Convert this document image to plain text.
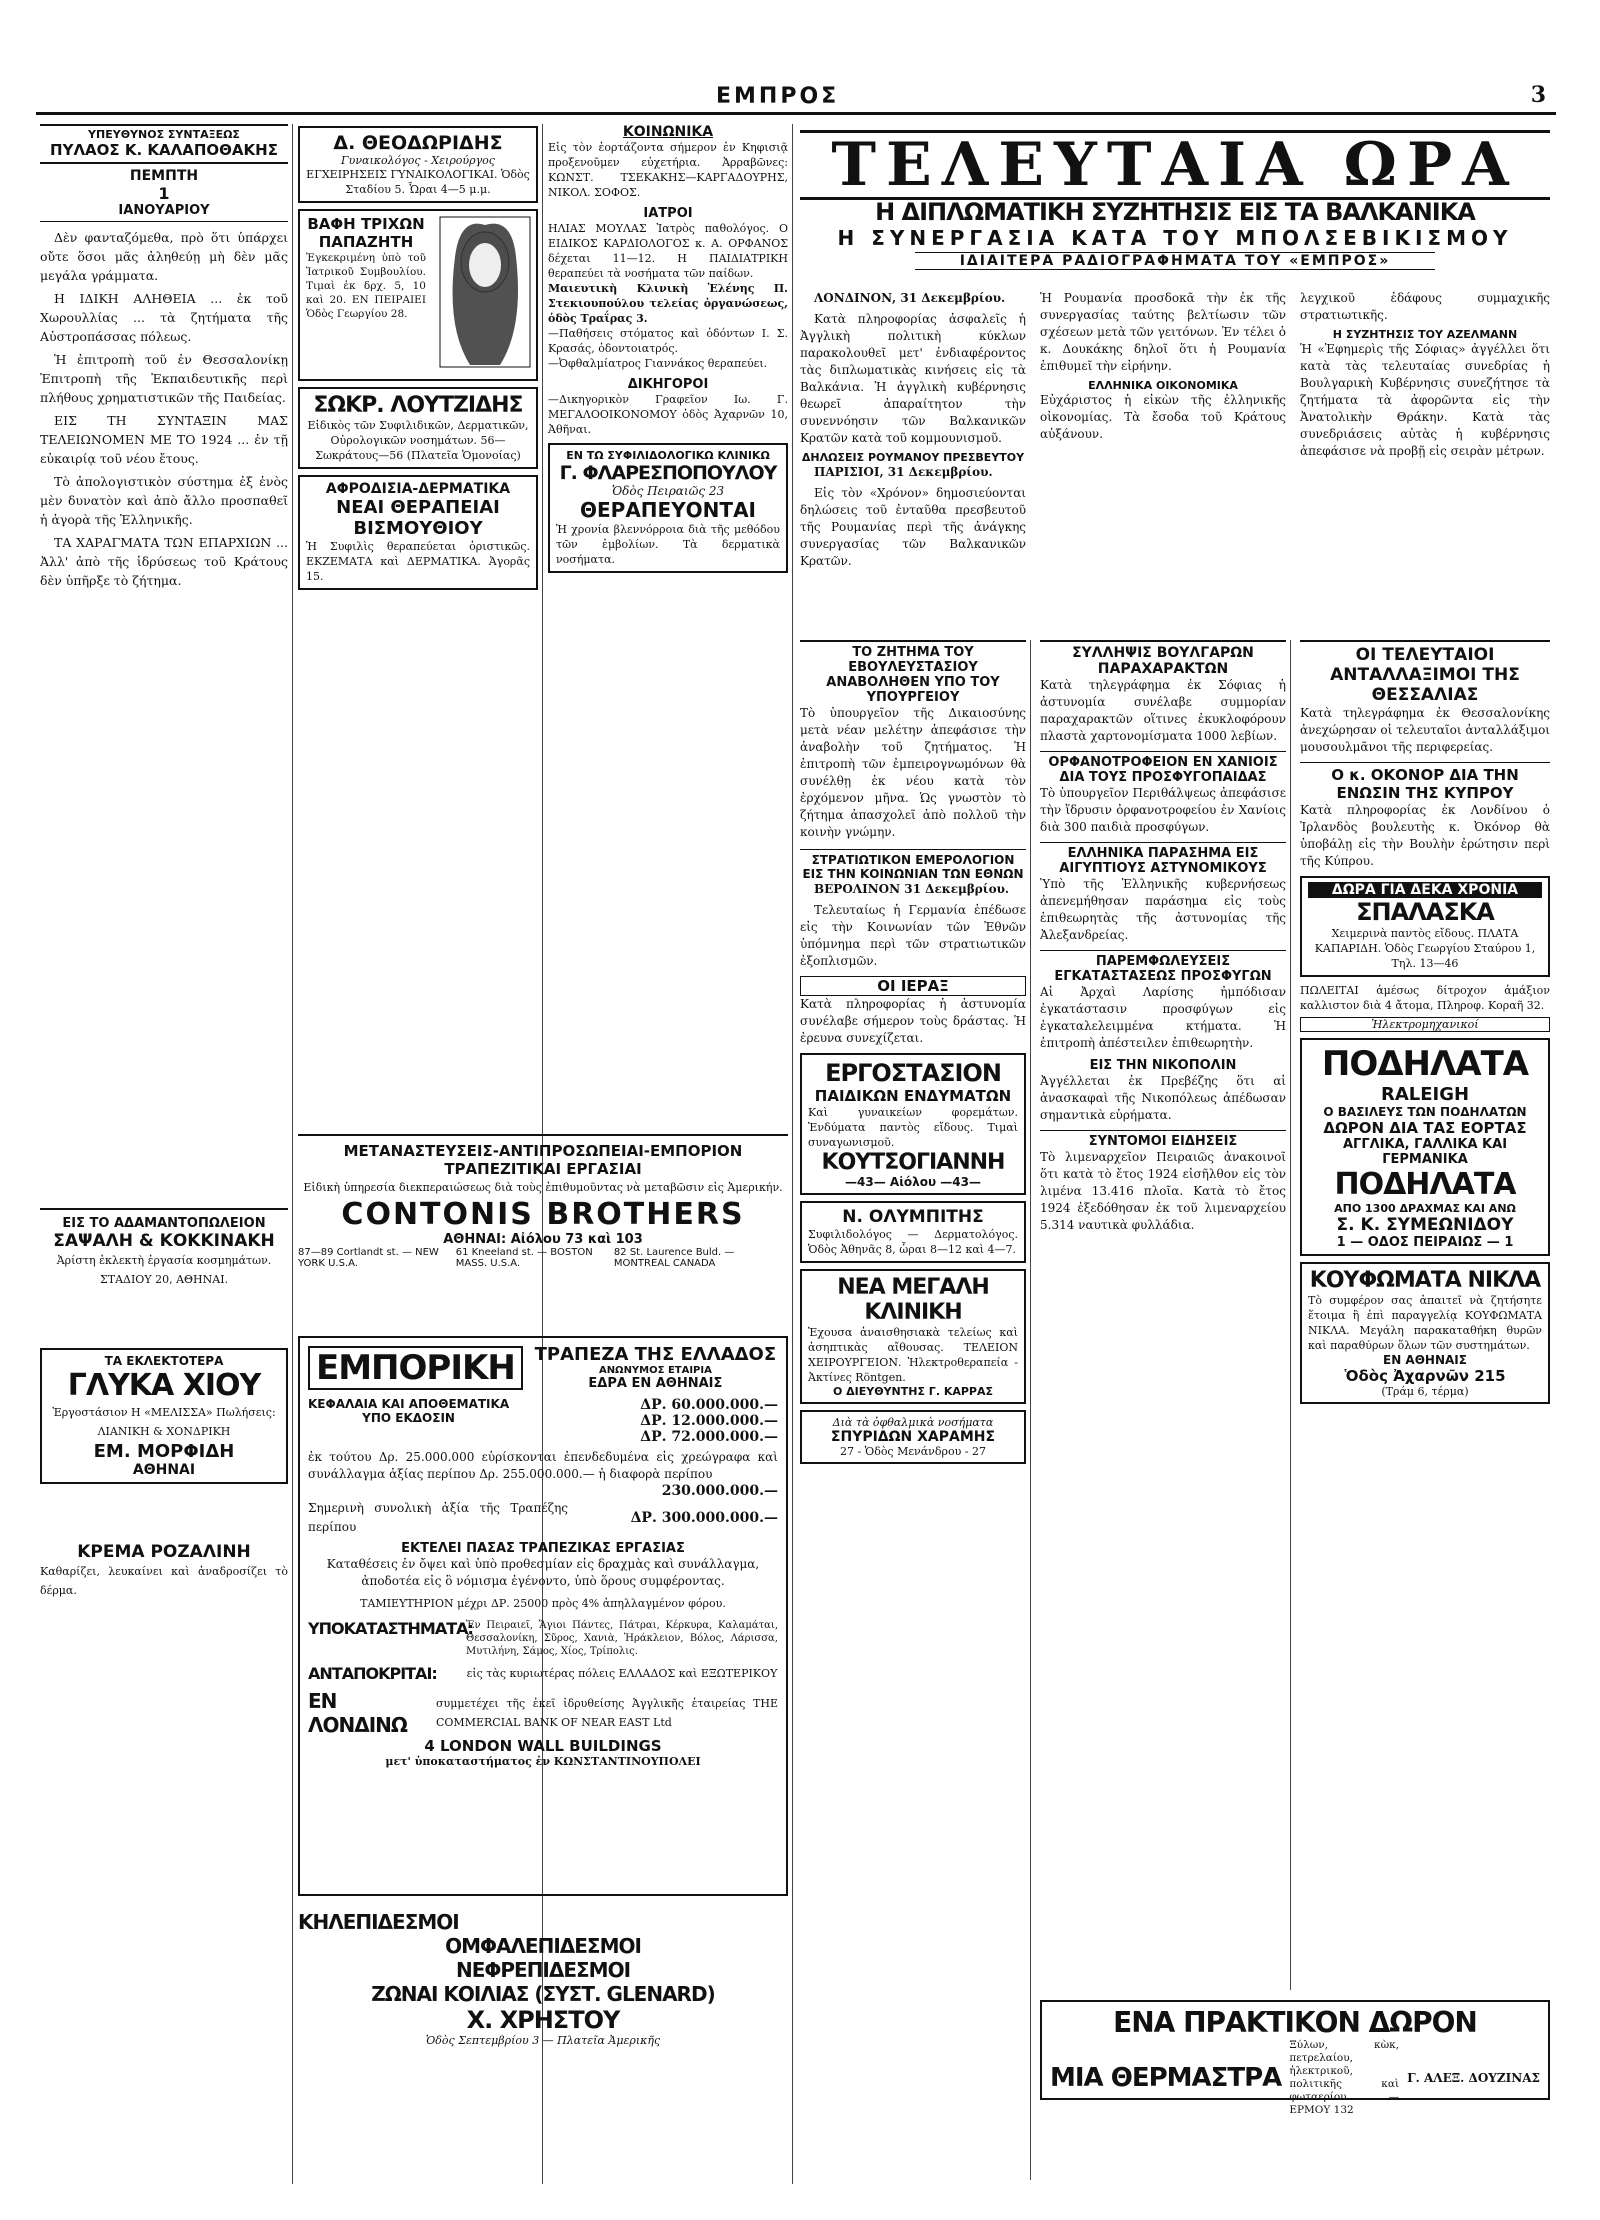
ΕΜΠΡΟΣ	3
ΥΠΕΥΘΥΝΟΣ ΣΥΝΤΑΞΕΩΣ
ΠΥΛΑΟΣ Κ. ΚΑΛΑΠΟΘΑΚΗΣ
ΠΕΜΠΤΗ
1
ΙΑΝΟΥΑΡΙΟΥ

Δὲν φανταζόμεθα, πρὸ ὅτι ὑπάρχει οὔτε ὅσοι μᾶς ἀληθεύῃ μὴ δὲν μᾶς μεγάλα γράμματα.

Η ΙΔΙΚΗ ΑΛΗΘΕΙΑ ... ἐκ τοῦ Χωρουλλίας ... τὰ ζητήματα τῆς Αὐστροπάσσας πόλεως.

Ἡ ἐπιτροπὴ τοῦ ἐν Θεσσαλονίκῃ Ἐπιτροπὴ τῆς Ἐκπαιδευτικῆς περὶ πλήθους χρηματιστικῶν τῆς Παιδείας.

ΕΙΣ ΤΗ ΣΥΝΤΑΞΙΝ ΜΑΣ ΤΕΛΕΙΩΝΟΜΕΝ ΜΕ ΤΟ 1924 ... ἐν τῇ εὐκαιρίᾳ τοῦ νέου ἔτους.

Τὸ ἀπολογιστικὸν σύστημα ἐξ ἐνὸς μὲν δυνατὸν καὶ ἀπὸ ἄλλο προσπαθεῖ ἡ ἀγορὰ τῆς Ἑλληνικῆς.

ΤΑ ΧΑΡΑΓΜΑΤΑ ΤΩΝ ΕΠΑΡΧΙΩΝ ... Ἀλλ' ἀπὸ τῆς ἱδρύσεως τοῦ Κράτους δὲν ὑπῆρξε τὸ ζήτημα.

ΕΙΣ ΤΟ ΑΔΑΜΑΝΤΟΠΩΛΕΙΟΝ
ΣΑΨΑΛΗ & ΚΟΚΚΙΝΑΚΗ
Ἀρίστη ἐκλεκτὴ ἐργασία κοσμημάτων. ΣΤΑΔΙΟΥ 20, ΑΘΗΝΑΙ.
ΤΑ ΕΚΛΕΚΤΟΤΕΡΑ
ΓΛΥΚΑ ΧΙΟΥ
Ἐργοστάσιον Η «ΜΕΛΙΣΣΑ» Πωλήσεις: ΛΙΑΝΙΚΗ & ΧΟΝΔΡΙΚΗ
ΕΜ. ΜΟΡΦΙΔΗ
ΑΘΗΝΑΙ
ΚΡΕΜΑ ΡΟΖΑΛΙΝΗ
Καθαρίζει, λευκαίνει καὶ ἀναδροσίζει τὸ δέρμα.
Δ. ΘΕΟΔΩΡΙΔΗΣ
Γυναικολόγος - Χειρούργος
ΕΓΧΕΙΡΗΣΕΙΣ ΓΥΝΑΙΚΟΛΟΓΙΚΑΙ. Ὁδὸς Σταδίου 5. Ὧραι 4—5 μ.μ.
ΒΑΦΗ ΤΡΙΧΩΝ ΠΑΠΑΖΗΤΗ
Ἐγκεκριμένη ὑπὸ τοῦ Ἰατρικοῦ Συμβουλίου. Τιμαὶ ἐκ δρχ. 5, 10 καὶ 20. ΕΝ ΠΕΙΡΑΙΕΙ Ὁδὸς Γεωργίου 28.
ΣΩΚΡ. ΛΟΥΤΖΙΔΗΣ
Εἰδικὸς τῶν Συφιλιδικῶν, Δερματικῶν, Οὐρολογικῶν νοσημάτων. 56—Σωκράτους—56 (Πλατεῖα Ὁμονοίας)
ΑΦΡΟΔΙΣΙΑ-ΔΕΡΜΑΤΙΚΑ
ΝΕΑΙ ΘΕΡΑΠΕΙΑΙ
ΒΙΣΜΟΥΘΙΟΥ
Ἡ Συφιλὶς θεραπεύεται ὁριστικῶς. ΕΚΖΕΜΑΤΑ καὶ ΔΕΡΜΑΤΙΚΑ. Ἀγορᾶς 15.
ΚΟΙΝΩΝΙΚΑ
Εἰς τὸν ἑορτάζοντα σήμερον ἐν Κηφισιᾷ προξενοῦμεν εὐχετήρια. Ἀρραβῶνες: ΚΩΝΣΤ. ΤΣΕΚΑΚΗΣ—ΚΑΡΓΑΔΟΥΡΗΣ, ΝΙΚΟΛ. ΣΟΦΟΣ.
ΙΑΤΡΟΙ
ΗΛΙΑΣ ΜΟΥΛΑΣ Ἰατρὸς παθολόγος. Ο ΕΙΔΙΚΟΣ ΚΑΡΔΙΟΛΟΓΟΣ κ. Α. ΟΡΦΑΝΟΣ δέχεται 11—12. Η ΠΑΙΔΙΑΤΡΙΚΗ θεραπεύει τὰ νοσήματα τῶν παίδων.
Μαιευτικὴ Κλινικὴ Ἑλένης Π. Στεκιουπούλου τελείας ὀργανώσεως, ὁδὸς Τραΐρας 3.
—Παθήσεις στόματος καὶ ὀδόντων Ι. Σ. Κρασάς, ὀδοντοιατρός.
—Ὀφθαλμίατρος Γιαννάκος θεραπεύει.
ΔΙΚΗΓΟΡΟΙ
—Δικηγορικὸν Γραφεῖον Ιω. Γ. ΜΕΓΑΛΟΟΙΚΟΝΟΜΟΥ ὁδὸς Ἀχαρνῶν 10, Ἀθῆναι.
ΕΝ ΤΩ ΣΥΦΙΛΙΔΟΛΟΓΙΚΩ ΚΛΙΝΙΚΩ
Γ. ΦΛΑΡΕΣΠΟΠΟΥΛΟΥ
Ὁδὸς Πειραιῶς 23
ΘΕΡΑΠΕΥΟΝΤΑΙ
Ἡ χρονία βλεννόρροια διὰ τῆς μεθόδου τῶν ἐμβολίων. Τὰ δερματικὰ νοσήματα.
ΜΕΤΑΝΑΣΤΕΥΣΕΙΣ-ΑΝΤΙΠΡΟΣΩΠΕΙΑΙ-ΕΜΠΟΡΙΟΝ
ΤΡΑΠΕΖΙΤΙΚΑΙ ΕΡΓΑΣΙΑΙ
Εἰδικὴ ὑπηρεσία διεκπεραιώσεως διὰ τοὺς ἐπιθυμοῦντας νὰ μεταβῶσιν εἰς Ἀμερικήν.
CONTONIS BROTHERS
ΑΘΗΝΑΙ: Αἰόλου 73 καὶ 103
87—89 Cortlandt st. — NEW YORK U.S.A.
61 Kneeland st. — BOSTON MASS. U.S.A.
82 St. Laurence Buld. — MONTREAL CANADA
ΕΜΠΟΡΙΚΗ	ΤΡΑΠΕΖΑ ΤΗΣ ΕΛΛΑΔΟΣ
ΑΝΩΝΥΜΟΣ ΕΤΑΙΡΙΑ
ΕΔΡΑ ΕΝ ΑΘΗΝΑΙΣ
ΚΕΦΑΛΑΙΑ ΚΑΙ ΑΠΟΘΕΜΑΤΙΚΑ
ΥΠΟ ΕΚΔΟΣΙΝ
ΔΡ. 60.000.000.—
ΔΡ. 12.000.000.—
ΔΡ. 72.000.000.—
ἐκ τούτου Δρ. 25.000.000 εὑρίσκονται ἐπενδεδυμένα εἰς χρεώγραφα καὶ συνάλλαγμα ἀξίας περίπου Δρ. 255.000.000.— ἡ διαφορὰ περίπου
230.000.000.—
Σημερινὴ συνολικὴ ἀξία τῆς Τραπέζης περίπου
ΔΡ. 300.000.000.—
ΕΚΤΕΛΕΙ ΠΑΣΑΣ ΤΡΑΠΕΖΙΚΑΣ ΕΡΓΑΣΙΑΣ
Καταθέσεις ἐν ὄψει καὶ ὑπὸ προθεσμίαν εἰς δραχμὰς καὶ συνάλλαγμα, ἀποδοτέα εἰς ὃ νόμισμα ἐγένοντο, ὑπὸ ὅρους συμφέροντας.
ΤΑΜΙΕΥΤΗΡΙΟΝ μέχρι ΔΡ. 25000 πρὸς 4% ἀπηλλαγμένον φόρου.
ΥΠΟΚΑΤΑΣΤΗΜΑΤΑ:
Ἐν Πειραιεῖ, Ἅγιοι Πάντες, Πάτραι, Κέρκυρα, Καλαμάται, Θεσσαλονίκη, Σῦρος, Χανιὰ, Ἡράκλειον, Βόλος, Λάρισσα, Μυτιλήνη, Σάμος, Χίος, Τρίπολις.
ΑΝΤΑΠΟΚΡΙΤΑΙ:	εἰς τὰς κυριωτέρας πόλεις ΕΛΛΑΔΟΣ καὶ ΕΞΩΤΕΡΙΚΟΥ
ΕΝ ΛΟΝΔΙΝΩ
συμμετέχει τῆς ἐκεῖ ἱδρυθείσης Ἀγγλικῆς ἑταιρείας THE COMMERCIAL BANK OF NEAR EAST Ltd
4 LONDON WALL BUILDINGS
μετ' ὑποκαταστήματος ἐν ΚΩΝΣΤΑΝΤΙΝΟΥΠΟΛΕΙ
ΚΗΛΕΠΙΔΕΣΜΟΙ
ΟΜΦΑΛΕΠΙΔΕΣΜΟΙ
ΝΕΦΡΕΠΙΔΕΣΜΟΙ
ΖΩΝΑΙ ΚΟΙΛΙΑΣ (ΣΥΣΤ. GLENARD)
Χ. ΧΡΗΣΤΟΥ
Ὁδὸς Σεπτεμβρίου 3 — Πλατεῖα Ἀμερικῆς
ΤΕΛΕΥΤΑΙΑ ΩΡΑ
Η ΔΙΠΛΩΜΑΤΙΚΗ ΣΥΖΗΤΗΣΙΣ ΕΙΣ ΤΑ ΒΑΛΚΑΝΙΚΑ
Η ΣΥΝΕΡΓΑΣΙΑ ΚΑΤΑ ΤΟΥ ΜΠΟΛΣΕΒΙΚΙΣΜΟΥ
ΙΔΙΑΙΤΕΡΑ ΡΑΔΙΟΓΡΑΦΗΜΑΤΑ ΤΟΥ «ΕΜΠΡΟΣ»

ΛΟΝΔΙΝΟΝ, 31 Δεκεμβρίου.

Κατὰ πληροφορίας ἀσφαλεῖς ἡ Ἀγγλικὴ πολιτικὴ κύκλων παρακολουθεῖ μετ' ἐνδιαφέροντος τὰς διπλωματικὰς κινήσεις εἰς τὰ Βαλκάνια. Ἡ ἀγγλικὴ κυβέρνησις θεωρεῖ ἀπαραίτητον τὴν συνεννόησιν τῶν Βαλκανικῶν Κρατῶν κατὰ τοῦ κομμουνισμοῦ.

ΔΗΛΩΣΕΙΣ ΡΟΥΜΑΝΟΥ ΠΡΕΣΒΕΥΤΟΥ

ΠΑΡΙΣΙΟΙ, 31 Δεκεμβρίου.

Εἰς τὸν «Χρόνον» δημοσιεύονται δηλώσεις τοῦ ἐνταῦθα πρεσβευτοῦ τῆς Ρουμανίας περὶ τῆς ἀνάγκης συνεργασίας τῶν Βαλκανικῶν Κρατῶν.

Ἡ Ρουμανία προσδοκᾶ τὴν ἐκ τῆς συνεργασίας ταύτης βελτίωσιν τῶν σχέσεων μετὰ τῶν γειτόνων. Ἐν τέλει ὁ κ. Δουκάκης δηλοῖ ὅτι ἡ Ρουμανία ἐπιθυμεῖ τὴν εἰρήνην.
ΕΛΛΗΝΙΚΑ ΟΙΚΟΝΟΜΙΚΑ
Εὐχάριστος ἡ εἰκὼν τῆς ἐλληνικῆς οἰκονομίας. Τὰ ἔσοδα τοῦ Κράτους αὐξάνουν.
λεγχικοῦ ἐδάφους συμμαχικῆς στρατιωτικῆς.
Η ΣΥΖΗΤΗΣΙΣ ΤΟΥ ΑΖΕΛΜΑΝΝ
Ἡ «Ἐφημερὶς τῆς Σόφιας» ἀγγέλλει ὅτι κατὰ τὰς τελευταίας συνεδρίας ἡ Βουλγαρικὴ Κυβέρνησις συνεζήτησε τὰ ζητήματα τὰ ἀφορῶντα εἰς τὴν Ἀνατολικὴν Θράκην. Κατὰ τὰς συνεδριάσεις αὐτὰς ἡ κυβέρνησις ἀπεφάσισε νὰ προβῇ εἰς σειρὰν μέτρων.
ΤΟ ΖΗΤΗΜΑ ΤΟΥ ΕΒΟΥΛΕΥΣΤΑΣΙΟΥ ΑΝΑΒΟΛΗΘΕΝ ΥΠΟ ΤΟΥ ΥΠΟΥΡΓΕΙΟΥ
Τὸ ὑπουργεῖον τῆς Δικαιοσύνης μετὰ νέαν μελέτην ἀπεφάσισε τὴν ἀναβολὴν τοῦ ζητήματος. Ἡ ἐπιτροπὴ τῶν ἐμπειρογνωμόνων θὰ συνέλθῃ ἐκ νέου κατὰ τὸν ἐρχόμενον μῆνα. Ὡς γνωστὸν τὸ ζήτημα ἀπασχολεῖ ἀπὸ πολλοῦ τὴν κοινὴν γνώμην.
ΣΤΡΑΤΙΩΤΙΚΟΝ ΕΜΕΡΟΛΟΓΙΟΝ ΕΙΣ ΤΗΝ ΚΟΙΝΩΝΙΑΝ ΤΩΝ ΕΘΝΩΝ

ΒΕΡΟΛΙΝΟΝ 31 Δεκεμβρίου.

Τελευταίως ἡ Γερμανία ἐπέδωσε εἰς τὴν Κοινωνίαν τῶν Ἐθνῶν ὑπόμνημα περὶ τῶν στρατιωτικῶν ἐξοπλισμῶν.

ΟΙ ΙΕΡΑΞ
Κατὰ πληροφορίας ἡ ἀστυνομία συνέλαβε σήμερον τοὺς δράστας. Ἡ ἐρευνα συνεχίζεται.
ΕΡΓΟΣΤΑΣΙΟΝ
ΠΑΙΔΙΚΩΝ ΕΝΔΥΜΑΤΩΝ
Καὶ γυναικείων φορεμάτων. Ἐνδύματα παντὸς εἴδους. Τιμαὶ συναγωνισμοῦ.
ΚΟΥΤΣΟΓΙΑΝΝΗ
—43— Αἰόλου —43—
Ν. ΟΛΥΜΠΙΤΗΣ
Συφιλιδολόγος — Δερματολόγος. Ὁδὸς Ἀθηνᾶς 8, ὧραι 8—12 καὶ 4—7.
ΝΕΑ ΜΕΓΑΛΗ ΚΛΙΝΙΚΗ
Ἐχουσα ἀναισθησιακὰ τελείως καὶ ἀσηπτικὰς αἴθουσας. ΤΕΛΕΙΟΝ ΧΕΙΡΟΥΡΓΕΙΟΝ. Ἠλεκτροθεραπεία - Ἀκτίνες Röntgen.
Ο ΔΙΕΥΘΥΝΤΗΣ Γ. ΚΑΡΡΑΣ
Διὰ τὰ ὀφθαλμικὰ νοσήματα
ΣΠΥΡΙΔΩΝ ΧΑΡΑΜΗΣ
27 - Ὁδὸς Μενάνδρου - 27
ΣΥΛΛΗΨΙΣ ΒΟΥΛΓΑΡΩΝ ΠΑΡΑΧΑΡΑΚΤΩΝ
Κατὰ τηλεγράφημα ἐκ Σόφιας ἡ ἀστυνομία συνέλαβε συμμορίαν παραχαρακτῶν οἵτινες ἐκυκλοφόρουν πλαστὰ χαρτονομίσματα 1000 λεβίων.
ΟΡΦΑΝΟΤΡΟΦΕΙΟΝ ΕΝ ΧΑΝΙΟΙΣ ΔΙΑ ΤΟΥΣ ΠΡΟΣΦΥΓΟΠΑΙΔΑΣ
Τὸ ὑπουργεῖον Περιθάλψεως ἀπεφάσισε τὴν ἵδρυσιν ὀρφανοτροφείου ἐν Χανίοις διὰ 300 παιδιὰ προσφύγων.
ΕΛΛΗΝΙΚΑ ΠΑΡΑΣΗΜΑ ΕΙΣ ΑΙΓΥΠΤΙΟΥΣ ΑΣΤΥΝΟΜΙΚΟΥΣ
Ὑπὸ τῆς Ἑλληνικῆς κυβερνήσεως ἀπενεμήθησαν παράσημα εἰς τοὺς ἐπιθεωρητὰς τῆς ἀστυνομίας τῆς Ἀλεξανδρείας.
ΠΑΡΕΜΦΩΛΕΥΣΕΙΣ ΕΓΚΑΤΑΣΤΑΣΕΩΣ ΠΡΟΣΦΥΓΩΝ
Αἱ Ἀρχαὶ Λαρίσης ἠμπόδισαν ἐγκατάστασιν προσφύγων εἰς ἐγκαταλελειμμένα κτήματα. Ἡ ἐπιτροπὴ ἀπέστειλεν ἐπιθεωρητὴν.
ΕΙΣ ΤΗΝ ΝΙΚΟΠΟΛΙΝ
Ἀγγέλλεται ἐκ Πρεβέζης ὅτι αἱ ἀνασκαφαὶ τῆς Νικοπόλεως ἀπέδωσαν σημαντικὰ εὑρήματα.
ΣΥΝΤΟΜΟΙ ΕΙΔΗΣΕΙΣ
Τὸ λιμεναρχεῖον Πειραιῶς ἀνακοινοῖ ὅτι κατὰ τὸ ἔτος 1924 εἰσῆλθον εἰς τὸν λιμένα 13.416 πλοῖα. Κατὰ τὸ ἔτος 1924 ἐξεδόθησαν ἐκ τοῦ λιμεναρχείου 5.314 ναυτικὰ φυλλάδια.
ΟΙ ΤΕΛΕΥΤΑΙΟΙ ΑΝΤΑΛΛΑΞΙΜΟΙ ΤΗΣ ΘΕΣΣΑΛΙΑΣ
Κατὰ τηλεγράφημα ἐκ Θεσσαλονίκης ἀνεχώρησαν οἱ τελευταῖοι ἀνταλλάξιμοι μουσουλμᾶνοι τῆς περιφερείας.
Ο κ. ΟΚΟΝΟΡ ΔΙΑ ΤΗΝ ΕΝΩΣΙΝ ΤΗΣ ΚΥΠΡΟΥ
Κατὰ πληροφορίας ἐκ Λονδίνου ὁ Ἰρλανδὸς βουλευτὴς κ. Ὀκόνορ θὰ ὑποβάλῃ εἰς τὴν Βουλὴν ἐρώτησιν περὶ τῆς Κύπρου.
ΔΩΡΑ ΓΙΑ ΔΕΚΑ ΧΡΟΝΙΑ
ΣΠΑΛΑΣΚΑ
Χειμερινὰ παντὸς εἴδους. ΠΛΑΤΑ ΚΑΠΑΡΙΔΗ. Ὁδὸς Γεωργίου Σταύρου 1, Τηλ. 13—46
ΠΩΛΕΙΤΑΙ ἀμέσως δίτροχον ἁμάξιον καλλιστον διὰ 4 ἄτομα, Πληροφ. Κοραῆ 32.
Ἠλεκτρομηχανικοί
ΠΟΔΗΛΑΤΑ
RALEIGH
Ο ΒΑΣΙΛΕΥΣ ΤΩΝ ΠΟΔΗΛΑΤΩΝ
ΔΩΡΟΝ ΔΙΑ ΤΑΣ ΕΟΡΤΑΣ
ΑΓΓΛΙΚΑ, ΓΑΛΛΙΚΑ ΚΑΙ ΓΕΡΜΑΝΙΚΑ
ΠΟΔΗΛΑΤΑ
ΑΠΟ 1300 ΔΡΑΧΜΑΣ ΚΑΙ ΑΝΩ
Σ. Κ. ΣΥΜΕΩΝΙΔΟΥ
1 — ΟΔΟΣ ΠΕΙΡΑΙΩΣ — 1
ΚΟΥΦΩΜΑΤΑ ΝΙΚΛΑ
Τὸ συμφέρον σας ἀπαιτεῖ νὰ ζητήσητε ἕτοιμα ἢ ἐπὶ παραγγελίᾳ ΚΟΥΦΩΜΑΤΑ ΝΙΚΛΑ. Μεγάλη παρακαταθήκη θυρῶν καὶ παραθύρων ὅλων τῶν συστημάτων.
ΕΝ ΑΘΗΝΑΙΣ
Ὁδὸς Ἀχαρνῶν 215
(Τράμ 6, τέρμα)
ΕΝΑ ΠΡΑΚΤΙΚΟΝ ΔΩΡΟΝ
ΜΙΑ ΘΕΡΜΑΣΤΡΑ
Ξύλων, κὼκ, πετρελαίου, ἠλεκτρικοῦ, πολιτικῆς καὶ φωταερίου — ΕΡΜΟΥ 132
Γ. ΑΛΕΞ. ΔΟΥΖΙΝΑΣ
